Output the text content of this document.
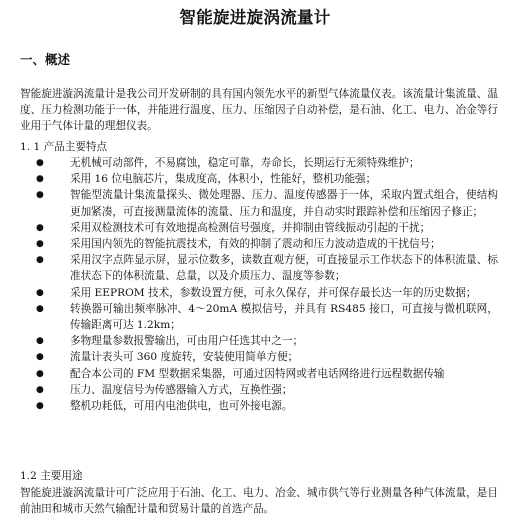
智能旋进旋涡流量计
一、概述

智能旋进漩涡流量计是我公司开发研制的具有国内领先水平的新型气体流量仪表。该流量计集流量、温度、压力检测功能于一体，并能进行温度、压力、压缩因子自动补偿，是石油、化工、电力、冶金等行业用于气体计量的理想仪表。

1. 1 产品主要特点
● 无机械可动部件，不易腐蚀，稳定可靠，寿命长，长期运行无须特殊维护；
● 采用 16 位电脑芯片，集成度高，体积小，性能好，整机功能强；
● 智能型流量计集流量探头、微处理器、压力、温度传感器于一体，采取内置式组合，使结构更加紧凑，可直接测量流体的流量、压力和温度，并自动实时跟踪补偿和压缩因子修正；
● 采用双检测技术可有效地提高检测信号强度，并抑制由管线振动引起的干扰；
● 采用国内领先的智能抗震技术，有效的抑制了震动和压力波动造成的干扰信号；
● 采用汉字点阵显示屏，显示位数多，读数直观方便，可直接显示工作状态下的体积流量、标准状态下的体积流量、总量，以及介质压力、温度等参数；
● 采用 EEPROM 技术，参数设置方便，可永久保存，并可保存最长达一年的历史数据；
● 转换器可输出频率脉冲、4～20mA 模拟信号，并具有 RS485 接口，可直接与微机联网，传输距离可达 1.2km；
● 多物理量参数报警输出，可由用户任选其中之一；
● 流量计表头可 360 度旋转，安装使用简单方便；
● 配合本公司的 FM 型数据采集器，可通过因特网或者电话网络进行远程数据传输
● 压力、温度信号为传感器输入方式，互换性强；
● 整机功耗低，可用内电池供电，也可外接电源。
1.2 主要用途

智能旋进漩涡流量计可广泛应用于石油、化工、电力、冶金、城市供气等行业测量各种气体流量，是目前油田和城市天然气输配计量和贸易计量的首选产品。
